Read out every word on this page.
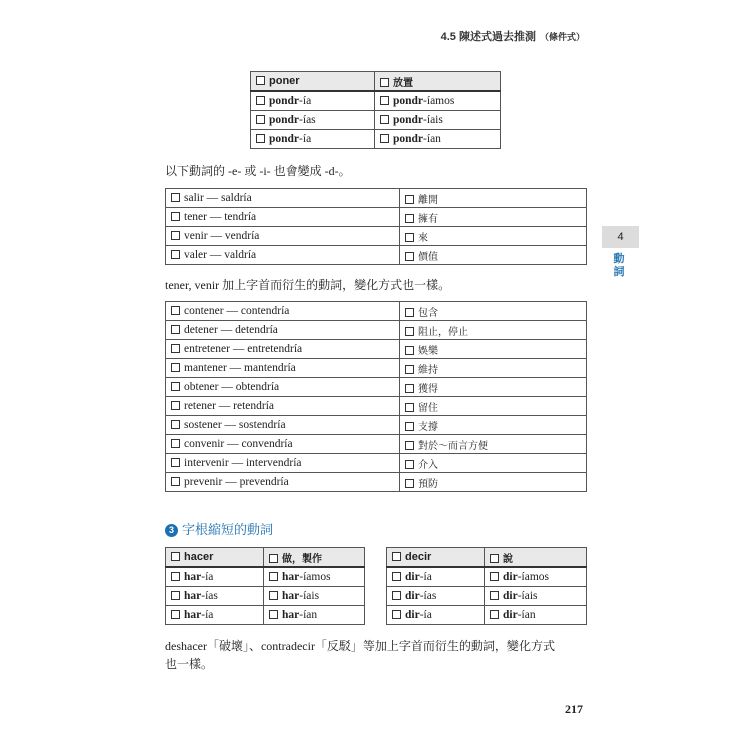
4.5 陳述式過去推測 （條件式）
4
動詞
poner	放置
pondr-ía	pondr-íamos
pondr-ías	pondr-íais
pondr-ía	pondr-ían
以下動詞的 -e- 或 -i- 也會變成 -d-。
salir — saldría	離開
tener — tendría	擁有
venir — vendría	來
valer — valdría	價值
tener, venir 加上字首而衍生的動詞，變化方式也一樣。
contener — contendría	包含
detener — detendría	阻止，停止
entretener — entretendría	娛樂
mantener — mantendría	維持
obtener — obtendría	獲得
retener — retendría	留住
sostener — sostendría	支撐
convenir — convendría	對於～而言方便
intervenir — intervendría	介入
prevenir — prevendría	預防
3 字根縮短的動詞
hacer	做，製作
har-ía	har-íamos
har-ías	har-íais
har-ía	har-ían
decir	說
dir-ía	dir-íamos
dir-ías	dir-íais
dir-ía	dir-ían
deshacer「破壞」、contradecir「反駁」等加上字首而衍生的動詞，變化方式
也一樣。
217
